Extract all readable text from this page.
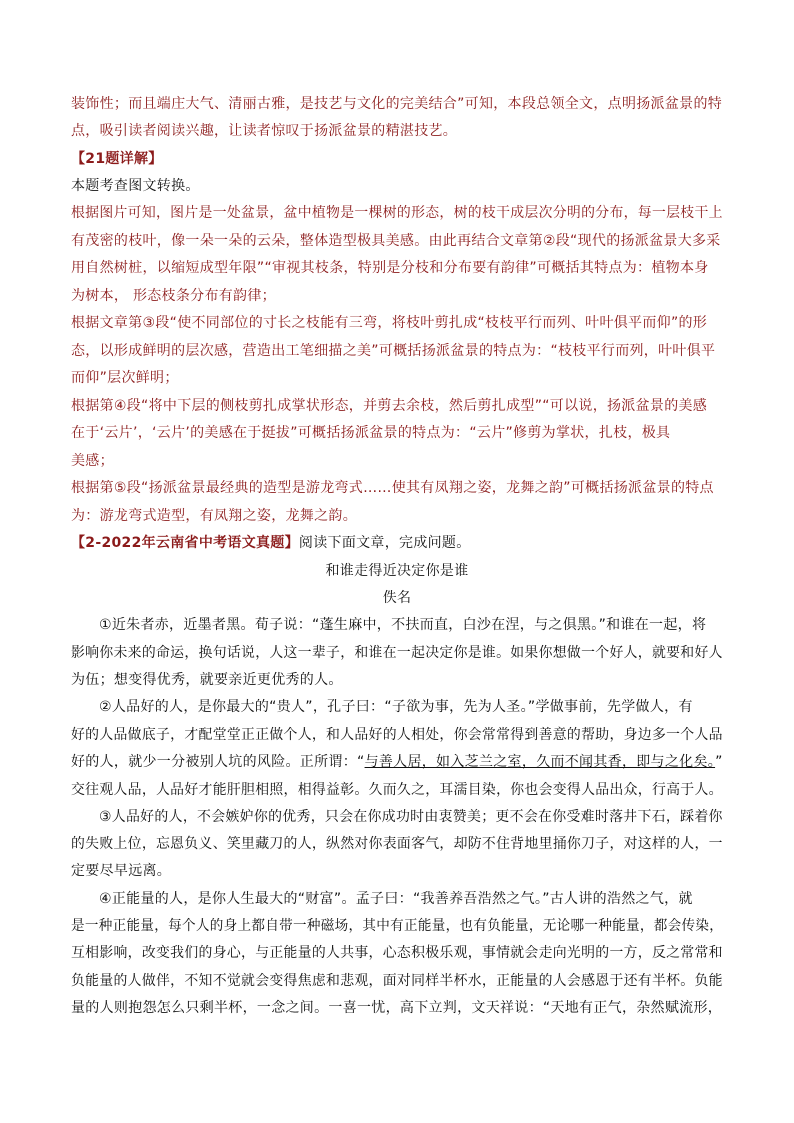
装饰性；而且端庄大气、清丽古雅，是技艺与文化的完美结合”可知，本段总领全文，点明扬派盆景的特
点，吸引读者阅读兴趣，让读者惊叹于扬派盆景的精湛技艺。
【21题详解】
本题考查图文转换。
根据图片可知，图片是一处盆景，盆中植物是一棵树的形态，树的枝干成层次分明的分布，每一层枝干上
有茂密的枝叶，像一朵一朵的云朵，整体造型极具美感。由此再结合文章第②段“现代的扬派盆景大多采
用自然树桩，以缩短成型年限”“审视其枝条，特别是分枝和分布要有韵律”可概括其特点为：植物本身
为树本， 形态枝条分布有韵律；
根据文章第③段“使不同部位的寸长之枝能有三弯，将枝叶剪扎成“枝枝平行而列、叶叶俱平而仰”的形
态，以形成鲜明的层次感，营造出工笔细描之美”可概括扬派盆景的特点为：“枝枝平行而列，叶叶俱平
而仰”层次鲜明；
根据第④段“将中下层的侧枝剪扎成掌状形态，并剪去余枝，然后剪扎成型”“可以说，扬派盆景的美感
在于‘云片’，‘云片’的美感在于挺拔”可概括扬派盆景的特点为：“云片”修剪为掌状，扎枝，极具
美感；
根据第⑤段“扬派盆景最经典的造型是游龙弯式……使其有凤翔之姿，龙舞之韵”可概括扬派盆景的特点
为：游龙弯式造型，有凤翔之姿，龙舞之韵。
【2-2022年云南省中考语文真题】阅读下面文章，完成问题。
和谁走得近决定你是谁
佚名
①近朱者赤，近墨者黑。荀子说：“蓬生麻中，不扶而直，白沙在涅，与之俱黑。”和谁在一起，将
影响你未来的命运，换句话说，人这一辈子，和谁在一起决定你是谁。如果你想做一个好人，就要和好人
为伍；想变得优秀，就要亲近更优秀的人。
②人品好的人，是你最大的“贵人”，孔子曰：“子欲为事，先为人圣。”学做事前，先学做人，有
好的人品做底子，才配堂堂正正做个人，和人品好的人相处，你会常常得到善意的帮助，身边多一个人品
好的人，就少一分被别人坑的风险。正所谓：“与善人居，如入芝兰之室，久而不闻其香，即与之化矣。”
交往观人品，人品好才能肝胆相照，相得益彰。久而久之，耳濡目染，你也会变得人品出众，行高于人。
③人品好的人，不会嫉妒你的优秀，只会在你成功时由衷赞美；更不会在你受难时落井下石，踩着你
的失败上位，忘恩负义、笑里藏刀的人，纵然对你表面客气，却防不住背地里捅你刀子，对这样的人，一
定要尽早远离。
④正能量的人，是你人生最大的“财富”。孟子曰：“我善养吾浩然之气。”古人讲的浩然之气，就
是一种正能量，每个人的身上都自带一种磁场，其中有正能量，也有负能量，无论哪一种能量，都会传染，
互相影响，改变我们的身心，与正能量的人共事，心态积极乐观，事情就会走向光明的一方，反之常常和
负能量的人做伴，不知不觉就会变得焦虑和悲观，面对同样半杯水，正能量的人会感恩于还有半杯。负能
量的人则抱怨怎么只剩半杯，一念之间。一喜一忧，高下立判，文天祥说：“天地有正气，杂然赋流形，
